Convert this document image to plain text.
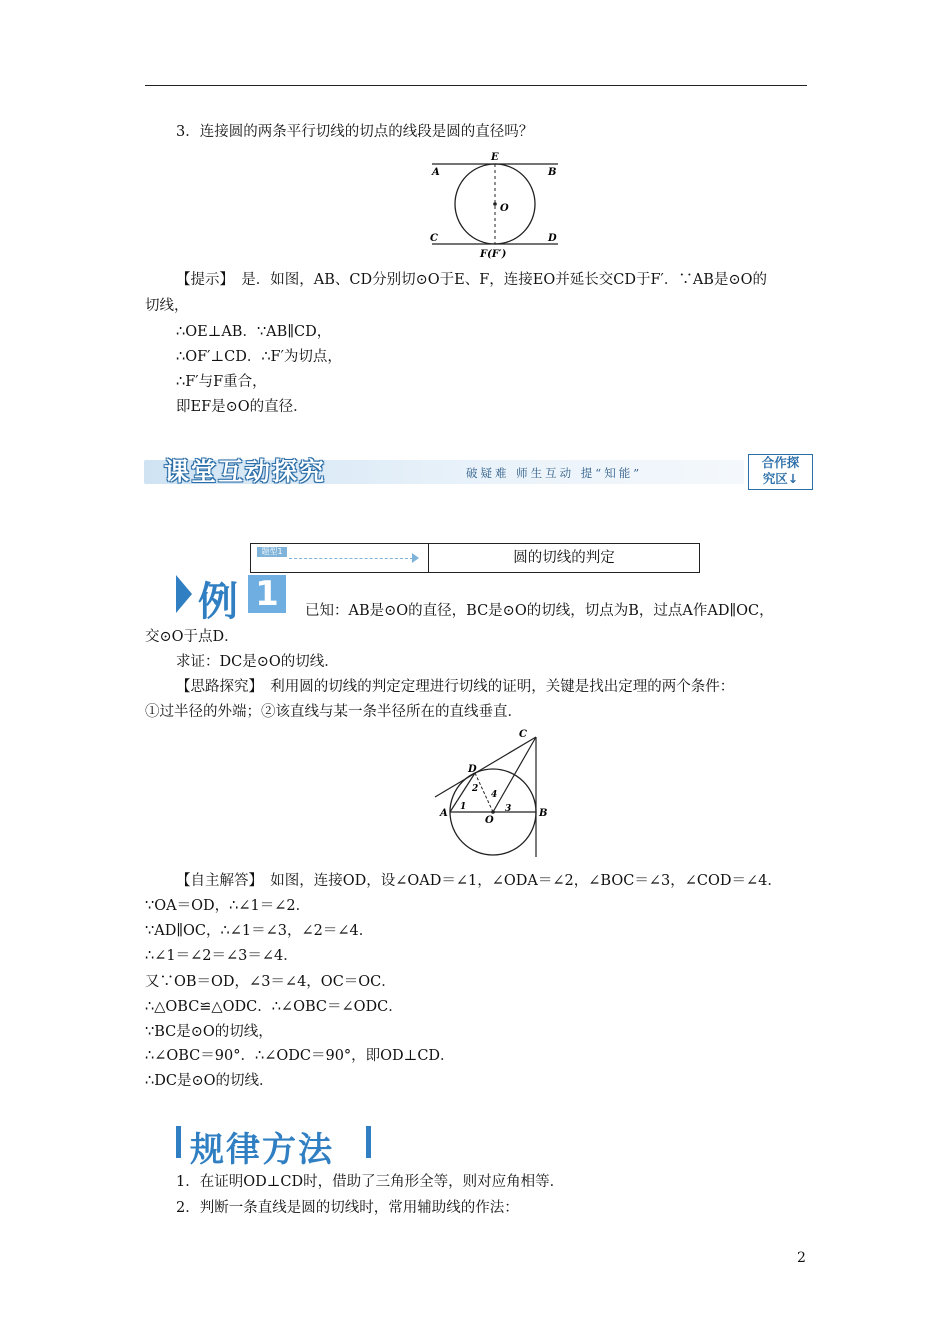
3．连接圆的两条平行切线的切点的线段是圆的直径吗？
E
A	B
O
C	D
F(F′)
【提示】　是．如图，AB、CD分别切⊙O于E、F，连接EO并延长交CD于F′．∵AB是⊙O的
切线，
∴OE⊥AB．∵AB∥CD，
∴OF′⊥CD．∴F′为切点，
∴F′与F重合，
即EF是⊙O的直径．
课堂互动探究	破疑难 师生互动 提“知能”
合作探
究区↓
题型1	圆的切线的判定
例 1	已知：AB是⊙O的直径，BC是⊙O的切线，切点为B，过点A作AD∥OC，
交⊙O于点D．
求证：DC是⊙O的切线．
【思路探究】　利用圆的切线的判定定理进行切线的证明，关键是找出定理的两个条件：
①过半径的外端；②该直线与某一条半径所在的直线垂直．
C
D
A
O
B
1
2
3
4
【自主解答】　如图，连接OD，设∠OAD＝∠1，∠ODA＝∠2，∠BOC＝∠3，∠COD＝∠4．
∵OA＝OD，∴∠1＝∠2．
∵AD∥OC，∴∠1＝∠3，∠2＝∠4．
∴∠1＝∠2＝∠3＝∠4．
又∵OB＝OD，∠3＝∠4，OC＝OC．
∴△OBC≌△ODC．∴∠OBC＝∠ODC．
∵BC是⊙O的切线，
∴∠OBC＝90°．∴∠ODC＝90°，即OD⊥CD．
∴DC是⊙O的切线．
规律方法
1．在证明OD⊥CD时，借助了三角形全等，则对应角相等．
2．判断一条直线是圆的切线时，常用辅助线的作法：
2
